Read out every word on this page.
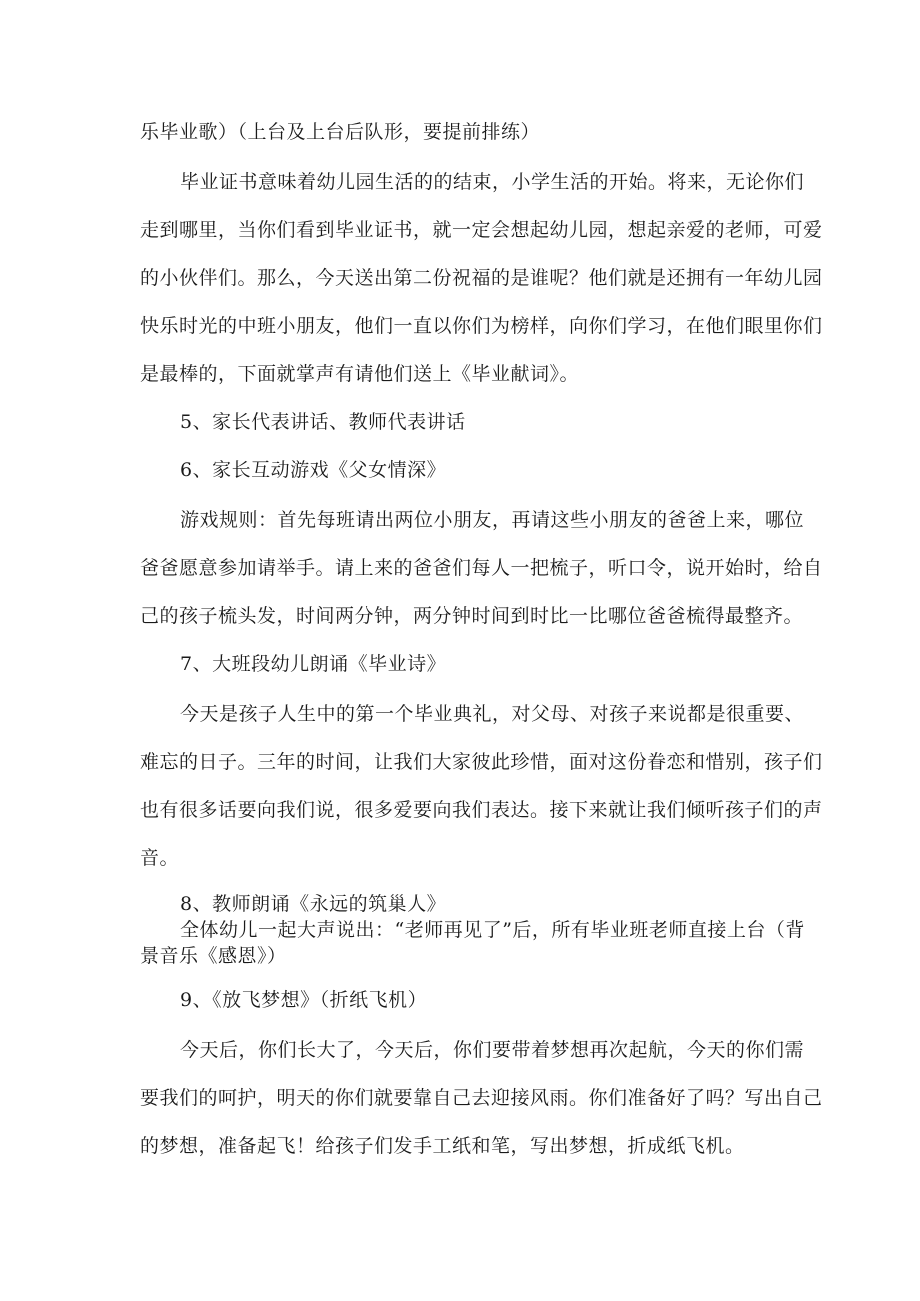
乐毕业歌）（上台及上台后队形，要提前排练）
毕业证书意味着幼儿园生活的的结束，小学生活的开始。将来，无论你们
走到哪里，当你们看到毕业证书，就一定会想起幼儿园，想起亲爱的老师，可爱
的小伙伴们。那么，今天送出第二份祝福的是谁呢？他们就是还拥有一年幼儿园
快乐时光的中班小朋友，他们一直以你们为榜样，向你们学习，在他们眼里你们
是最棒的，下面就掌声有请他们送上《毕业献词》。
5、家长代表讲话、教师代表讲话
6、家长互动游戏《父女情深》
游戏规则：首先每班请出两位小朋友，再请这些小朋友的爸爸上来，哪位
爸爸愿意参加请举手。请上来的爸爸们每人一把梳子，听口令，说开始时，给自
己的孩子梳头发，时间两分钟，两分钟时间到时比一比哪位爸爸梳得最整齐。
7、大班段幼儿朗诵《毕业诗》
今天是孩子人生中的第一个毕业典礼，对父母、对孩子来说都是很重要、
难忘的日子。三年的时间，让我们大家彼此珍惜，面对这份眷恋和惜别，孩子们
也有很多话要向我们说，很多爱要向我们表达。接下来就让我们倾听孩子们的声
音。
8、教师朗诵《永远的筑巢人》
全体幼儿一起大声说出：“老师再见了”后，所有毕业班老师直接上台（背
景音乐《感恩》）
9、《放飞梦想》（折纸飞机）
今天后，你们长大了，今天后，你们要带着梦想再次起航，今天的你们需
要我们的呵护，明天的你们就要靠自己去迎接风雨。你们准备好了吗？写出自己
的梦想，准备起飞！给孩子们发手工纸和笔，写出梦想，折成纸飞机。
